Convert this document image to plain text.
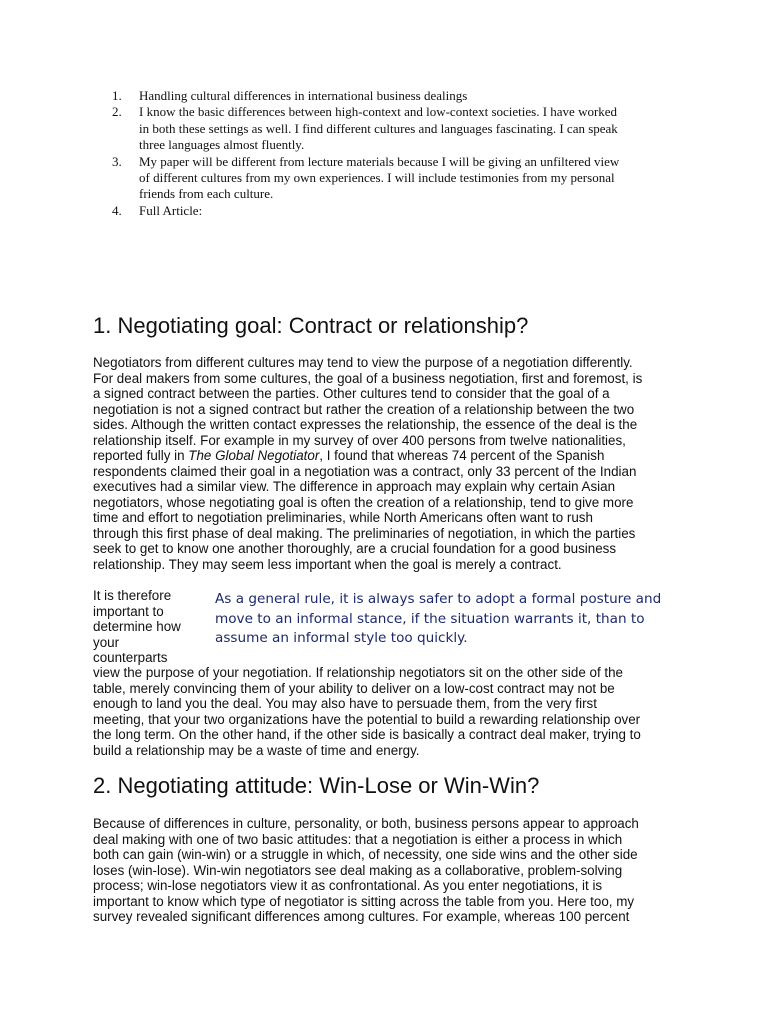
1.	Handling cultural differences in international business dealings
2.	I know the basic differences between high-context and low-context societies. I have worked
in both these settings as well. I find different cultures and languages fascinating. I can speak
three languages almost fluently.
3.	My paper will be different from lecture materials because I will be giving an unfiltered view
of different cultures from my own experiences. I will include testimonies from my personal
friends from each culture.
4.	Full Article:
1. Negotiating goal: Contract or relationship?

Negotiators from different cultures may tend to view the purpose of a negotiation differently.
For deal makers from some cultures, the goal of a business negotiation, first and foremost, is
a signed contract between the parties. Other cultures tend to consider that the goal of a
negotiation is not a signed contract but rather the creation of a relationship between the two
sides. Although the written contact expresses the relationship, the essence of the deal is the
relationship itself. For example in my survey of over 400 persons from twelve nationalities,
reported fully in The Global Negotiator, I found that whereas 74 percent of the Spanish
respondents claimed their goal in a negotiation was a contract, only 33 percent of the Indian
executives had a similar view. The difference in approach may explain why certain Asian
negotiators, whose negotiating goal is often the creation of a relationship, tend to give more
time and effort to negotiation preliminaries, while North Americans often want to rush
through this first phase of deal making. The preliminaries of negotiation, in which the parties
seek to get to know one another thoroughly, are a crucial foundation for a good business
relationship. They may seem less important when the goal is merely a contract.

It is therefore
important to
determine how
your
counterparts
As a general rule, it is always safer to adopt a formal posture and
move to an informal stance, if the situation warrants it, than to
assume an informal style too quickly.

view the purpose of your negotiation. If relationship negotiators sit on the other side of the
table, merely convincing them of your ability to deliver on a low-cost contract may not be
enough to land you the deal. You may also have to persuade them, from the very first
meeting, that your two organizations have the potential to build a rewarding relationship over
the long term. On the other hand, if the other side is basically a contract deal maker, trying to
build a relationship may be a waste of time and energy.

2. Negotiating attitude: Win-Lose or Win-Win?

Because of differences in culture, personality, or both, business persons appear to approach
deal making with one of two basic attitudes: that a negotiation is either a process in which
both can gain (win-win) or a struggle in which, of necessity, one side wins and the other side
loses (win-lose). Win-win negotiators see deal making as a collaborative, problem-solving
process; win-lose negotiators view it as confrontational. As you enter negotiations, it is
important to know which type of negotiator is sitting across the table from you. Here too, my
survey revealed significant differences among cultures. For example, whereas 100 percent
